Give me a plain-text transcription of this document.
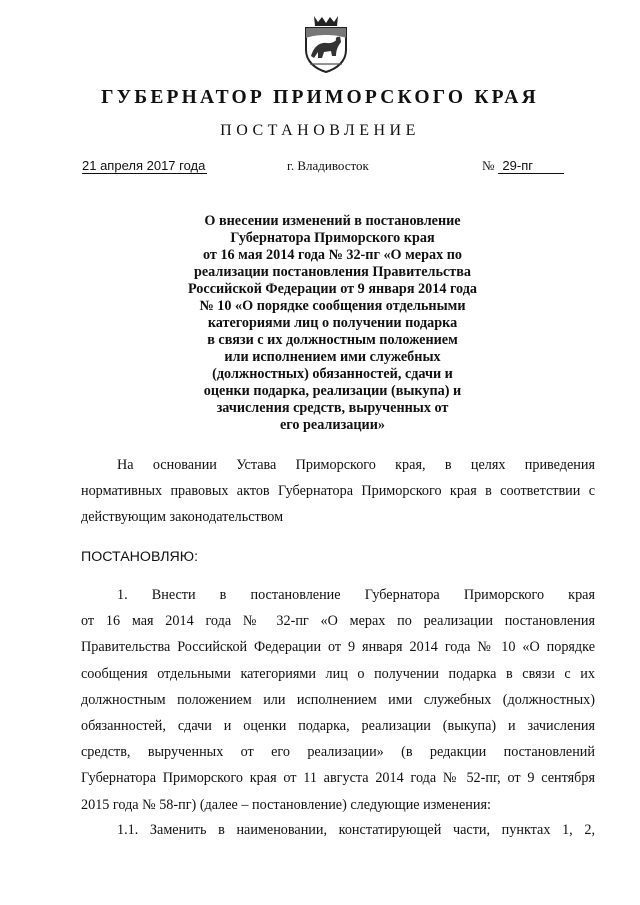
ГУБЕРНАТОР ПРИМОРСКОГО КРАЯ
ПОСТАНОВЛЕНИЕ
21 апреля 2017 года	г. Владивосток	№ 29-пг
О внесении изменений в постановление
Губернатора Приморского края
от 16 мая 2014 года № 32-пг «О мерах по
реализации постановления Правительства
Российской Федерации от 9 января 2014 года
№ 10 «О порядке сообщения отдельными
категориями лиц о получении подарка
в связи с их должностным положением
или исполнением ими служебных
(должностных) обязанностей, сдачи и
оценки подарка, реализации (выкупа) и
зачисления средств, вырученных от
его реализации»
На основании Устава Приморского края, в целях приведения
нормативных правовых актов Губернатора Приморского края в соответствии с
действующим законодательством
ПОСТАНОВЛЯЮ:
1. Внести в постановление Губернатора Приморского края
от 16 мая 2014 года № 32-пг «О мерах по реализации постановления
Правительства Российской Федерации от 9 января 2014 года № 10 «О порядке
сообщения отдельными категориями лиц о получении подарка в связи с их
должностным положением или исполнением ими служебных (должностных)
обязанностей, сдачи и оценки подарка, реализации (выкупа) и зачисления
средств, вырученных от его реализации» (в редакции постановлений
Губернатора Приморского края от 11 августа 2014 года № 52-пг, от 9 сентября
2015 года № 58-пг) (далее – постановление) следующие изменения:
1.1. Заменить в наименовании, констатирующей части, пунктах 1, 2,
